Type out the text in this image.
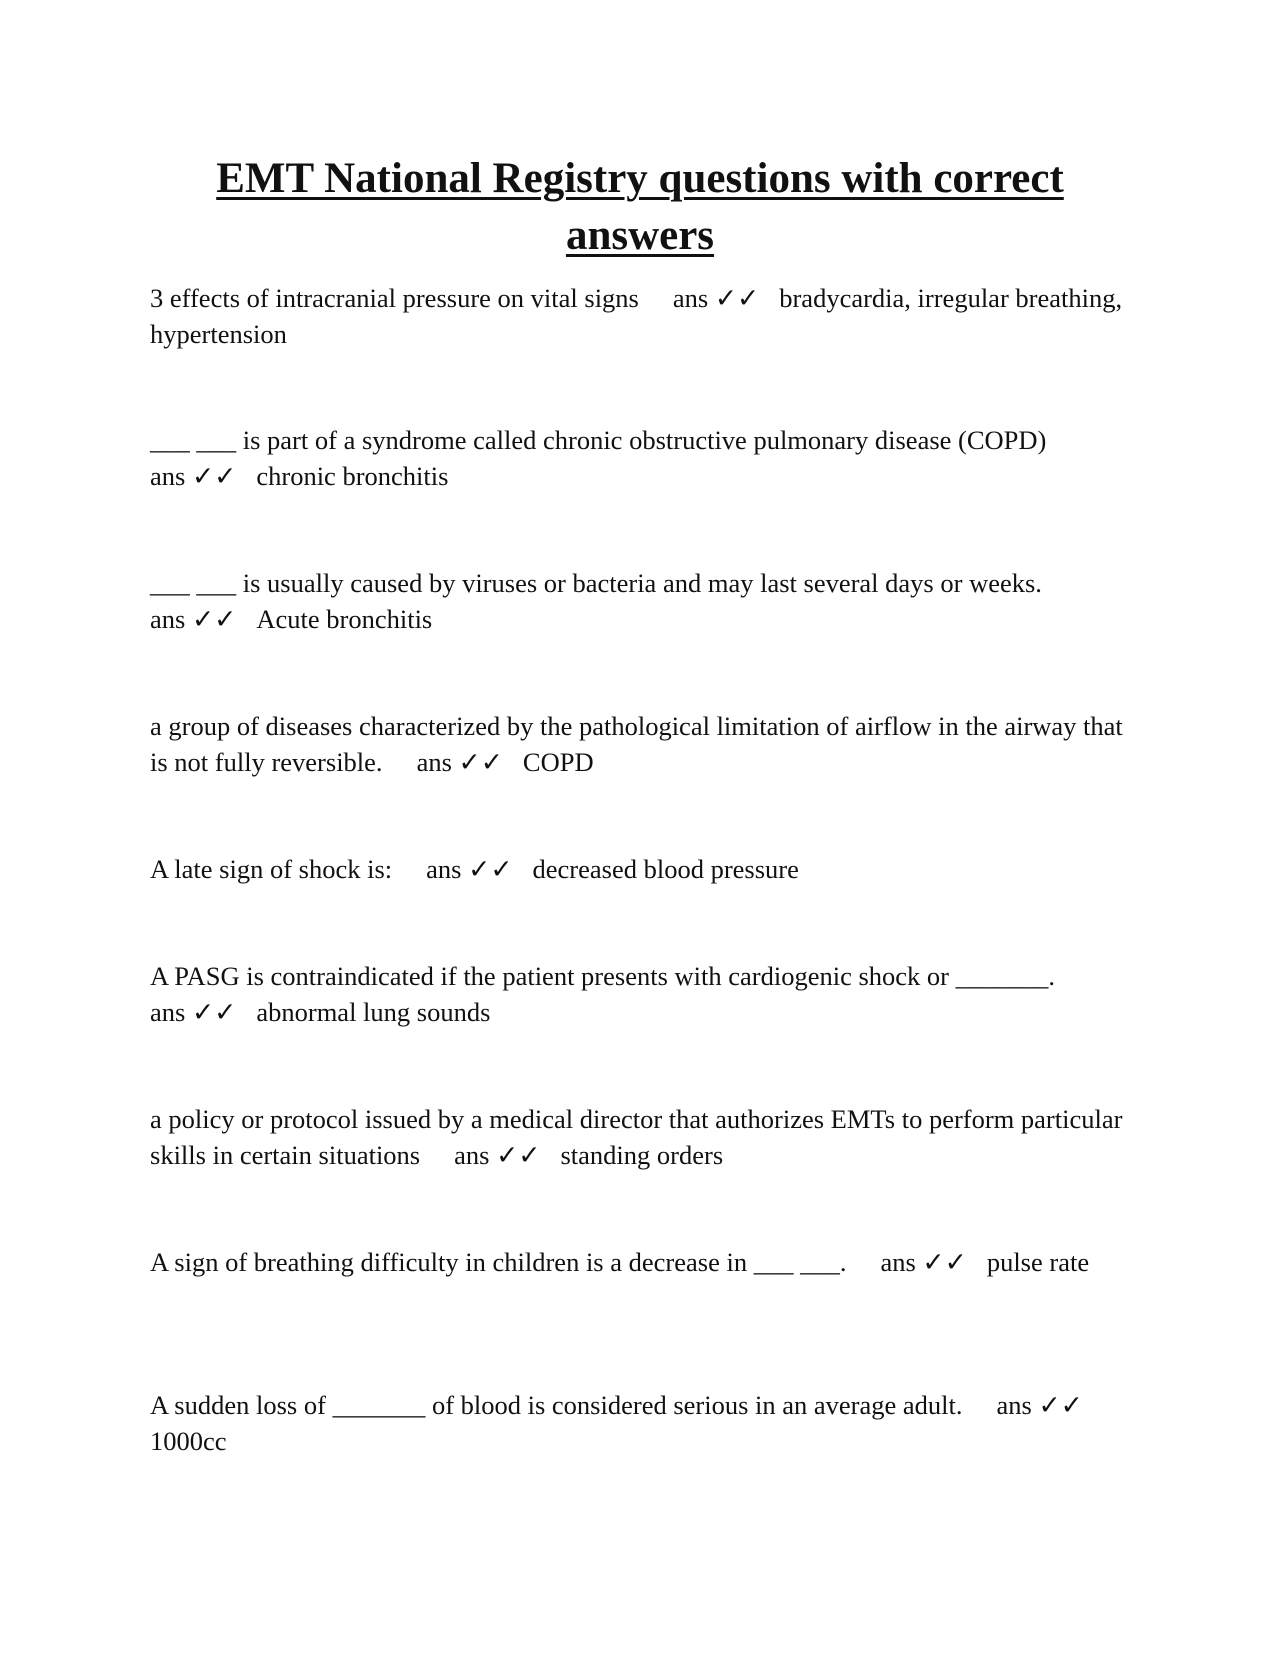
EMT National Registry questions with correct answers

3 effects of intracranial pressure on vital signs ans ✓✓ bradycardia, irregular breathing, hypertension

___ ___ is part of a syndrome called chronic obstructive pulmonary disease (COPD)ans ✓✓ chronic bronchitis

___ ___ is usually caused by viruses or bacteria and may last several days or weeks.ans ✓✓ Acute bronchitis

a group of diseases characterized by the pathological limitation of airflow in the airway that is not fully reversible. ans ✓✓ COPD

A late sign of shock is: ans ✓✓ decreased blood pressure

A PASG is contraindicated if the patient presents with cardiogenic shock or _______.ans ✓✓ abnormal lung sounds

a policy or protocol issued by a medical director that authorizes EMTs to perform particular skills in certain situations ans ✓✓ standing orders

A sign of breathing difficulty in children is a decrease in ___ ___. ans ✓✓ pulse rate

A sudden loss of _______ of blood is considered serious in an average adult. ans ✓✓1000cc
